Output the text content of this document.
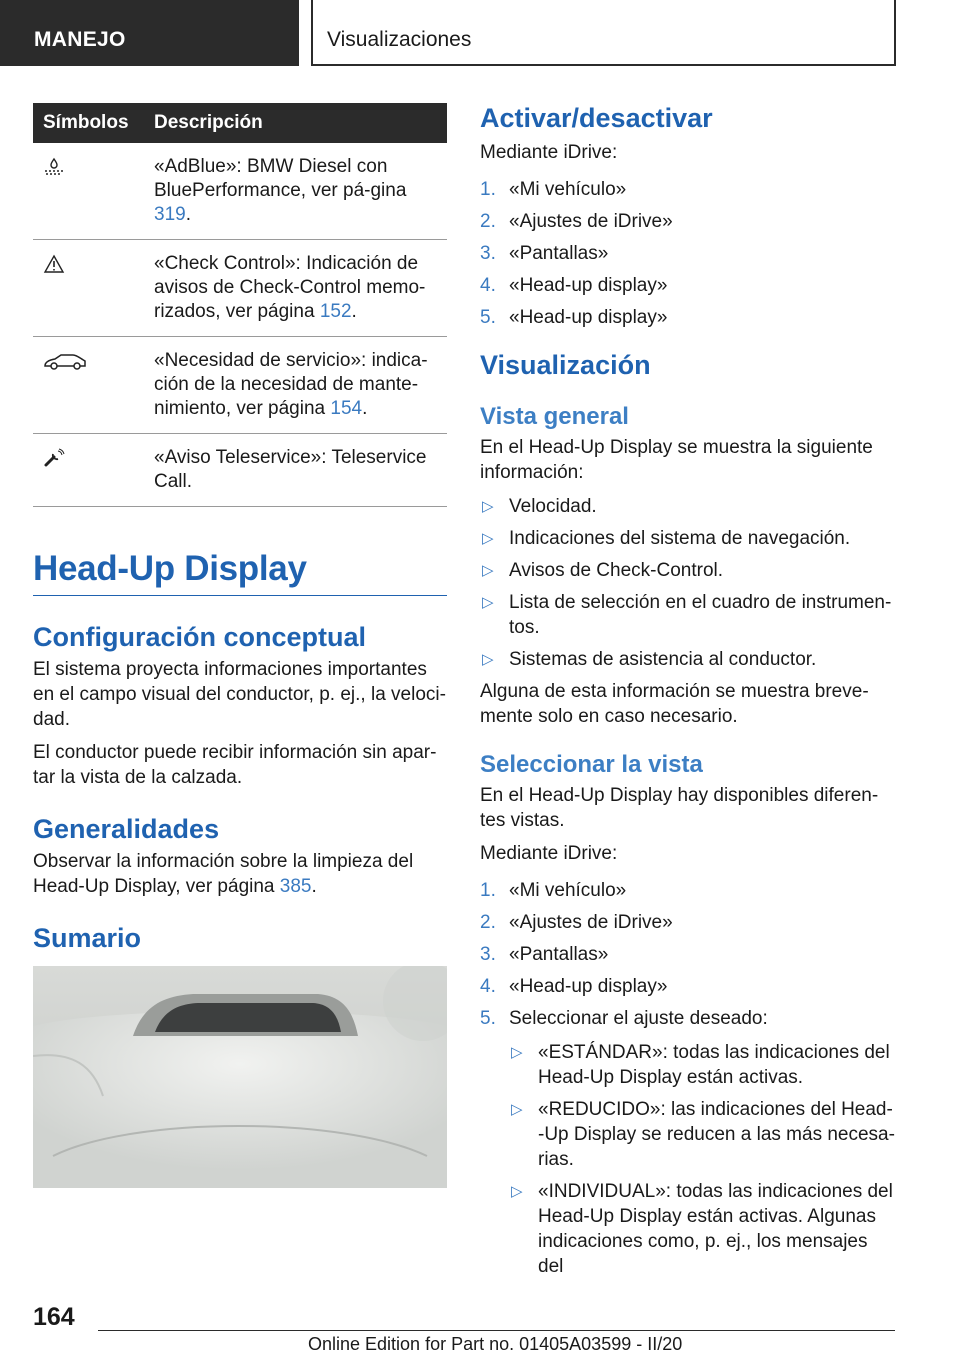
MANEJO	Visualizaciones
Símbolos	Descripción
	«AdBlue»: BMW Diesel con BluePerformance, ver pá-gina 319.
	«Check Control»: Indicación de avisos de Check-Control memo-rizados, ver página 152.
	«Necesidad de servicio»: indica-ción de la necesidad de mante-nimiento, ver página 154.
	«Aviso Teleservice»: Teleservice Call.
Head-Up Display
Configuración conceptual

El sistema proyecta informaciones importantes en el campo visual del conductor, p. ej., la veloci-dad.

El conductor puede recibir información sin apar-tar la vista de la calzada.

Generalidades

Observar la información sobre la limpieza del Head-Up Display, ver página 385.

Sumario
Activar/desactivar

Mediante iDrive:

1. «Mi vehículo»
2. «Ajustes de iDrive»
3. «Pantallas»
4. «Head-up display»
5. «Head-up display»
Visualización
Vista general

En el Head-Up Display se muestra la siguiente información:

▷ Velocidad.
▷ Indicaciones del sistema de navegación.
▷ Avisos de Check-Control.
▷ Lista de selección en el cuadro de instrumen-tos.
▷ Sistemas de asistencia al conductor.

Alguna de esta información se muestra breve-mente solo en caso necesario.

Seleccionar la vista

En el Head-Up Display hay disponibles diferen-tes vistas.

Mediante iDrive:

1. «Mi vehículo»
2. «Ajustes de iDrive»
3. «Pantallas»
4. «Head-up display»
5. Seleccionar el ajuste deseado:
▷ «ESTÁNDAR»: todas las indicaciones del Head-Up Display están activas.
▷ «REDUCIDO»: las indicaciones del Head--Up Display se reducen a las más necesa-rias.
▷ «INDIVIDUAL»: todas las indicaciones del Head-Up Display están activas. Algunas indicaciones como, p. ej., los mensajes del
164
Online Edition for Part no. 01405A03599 - II/20
